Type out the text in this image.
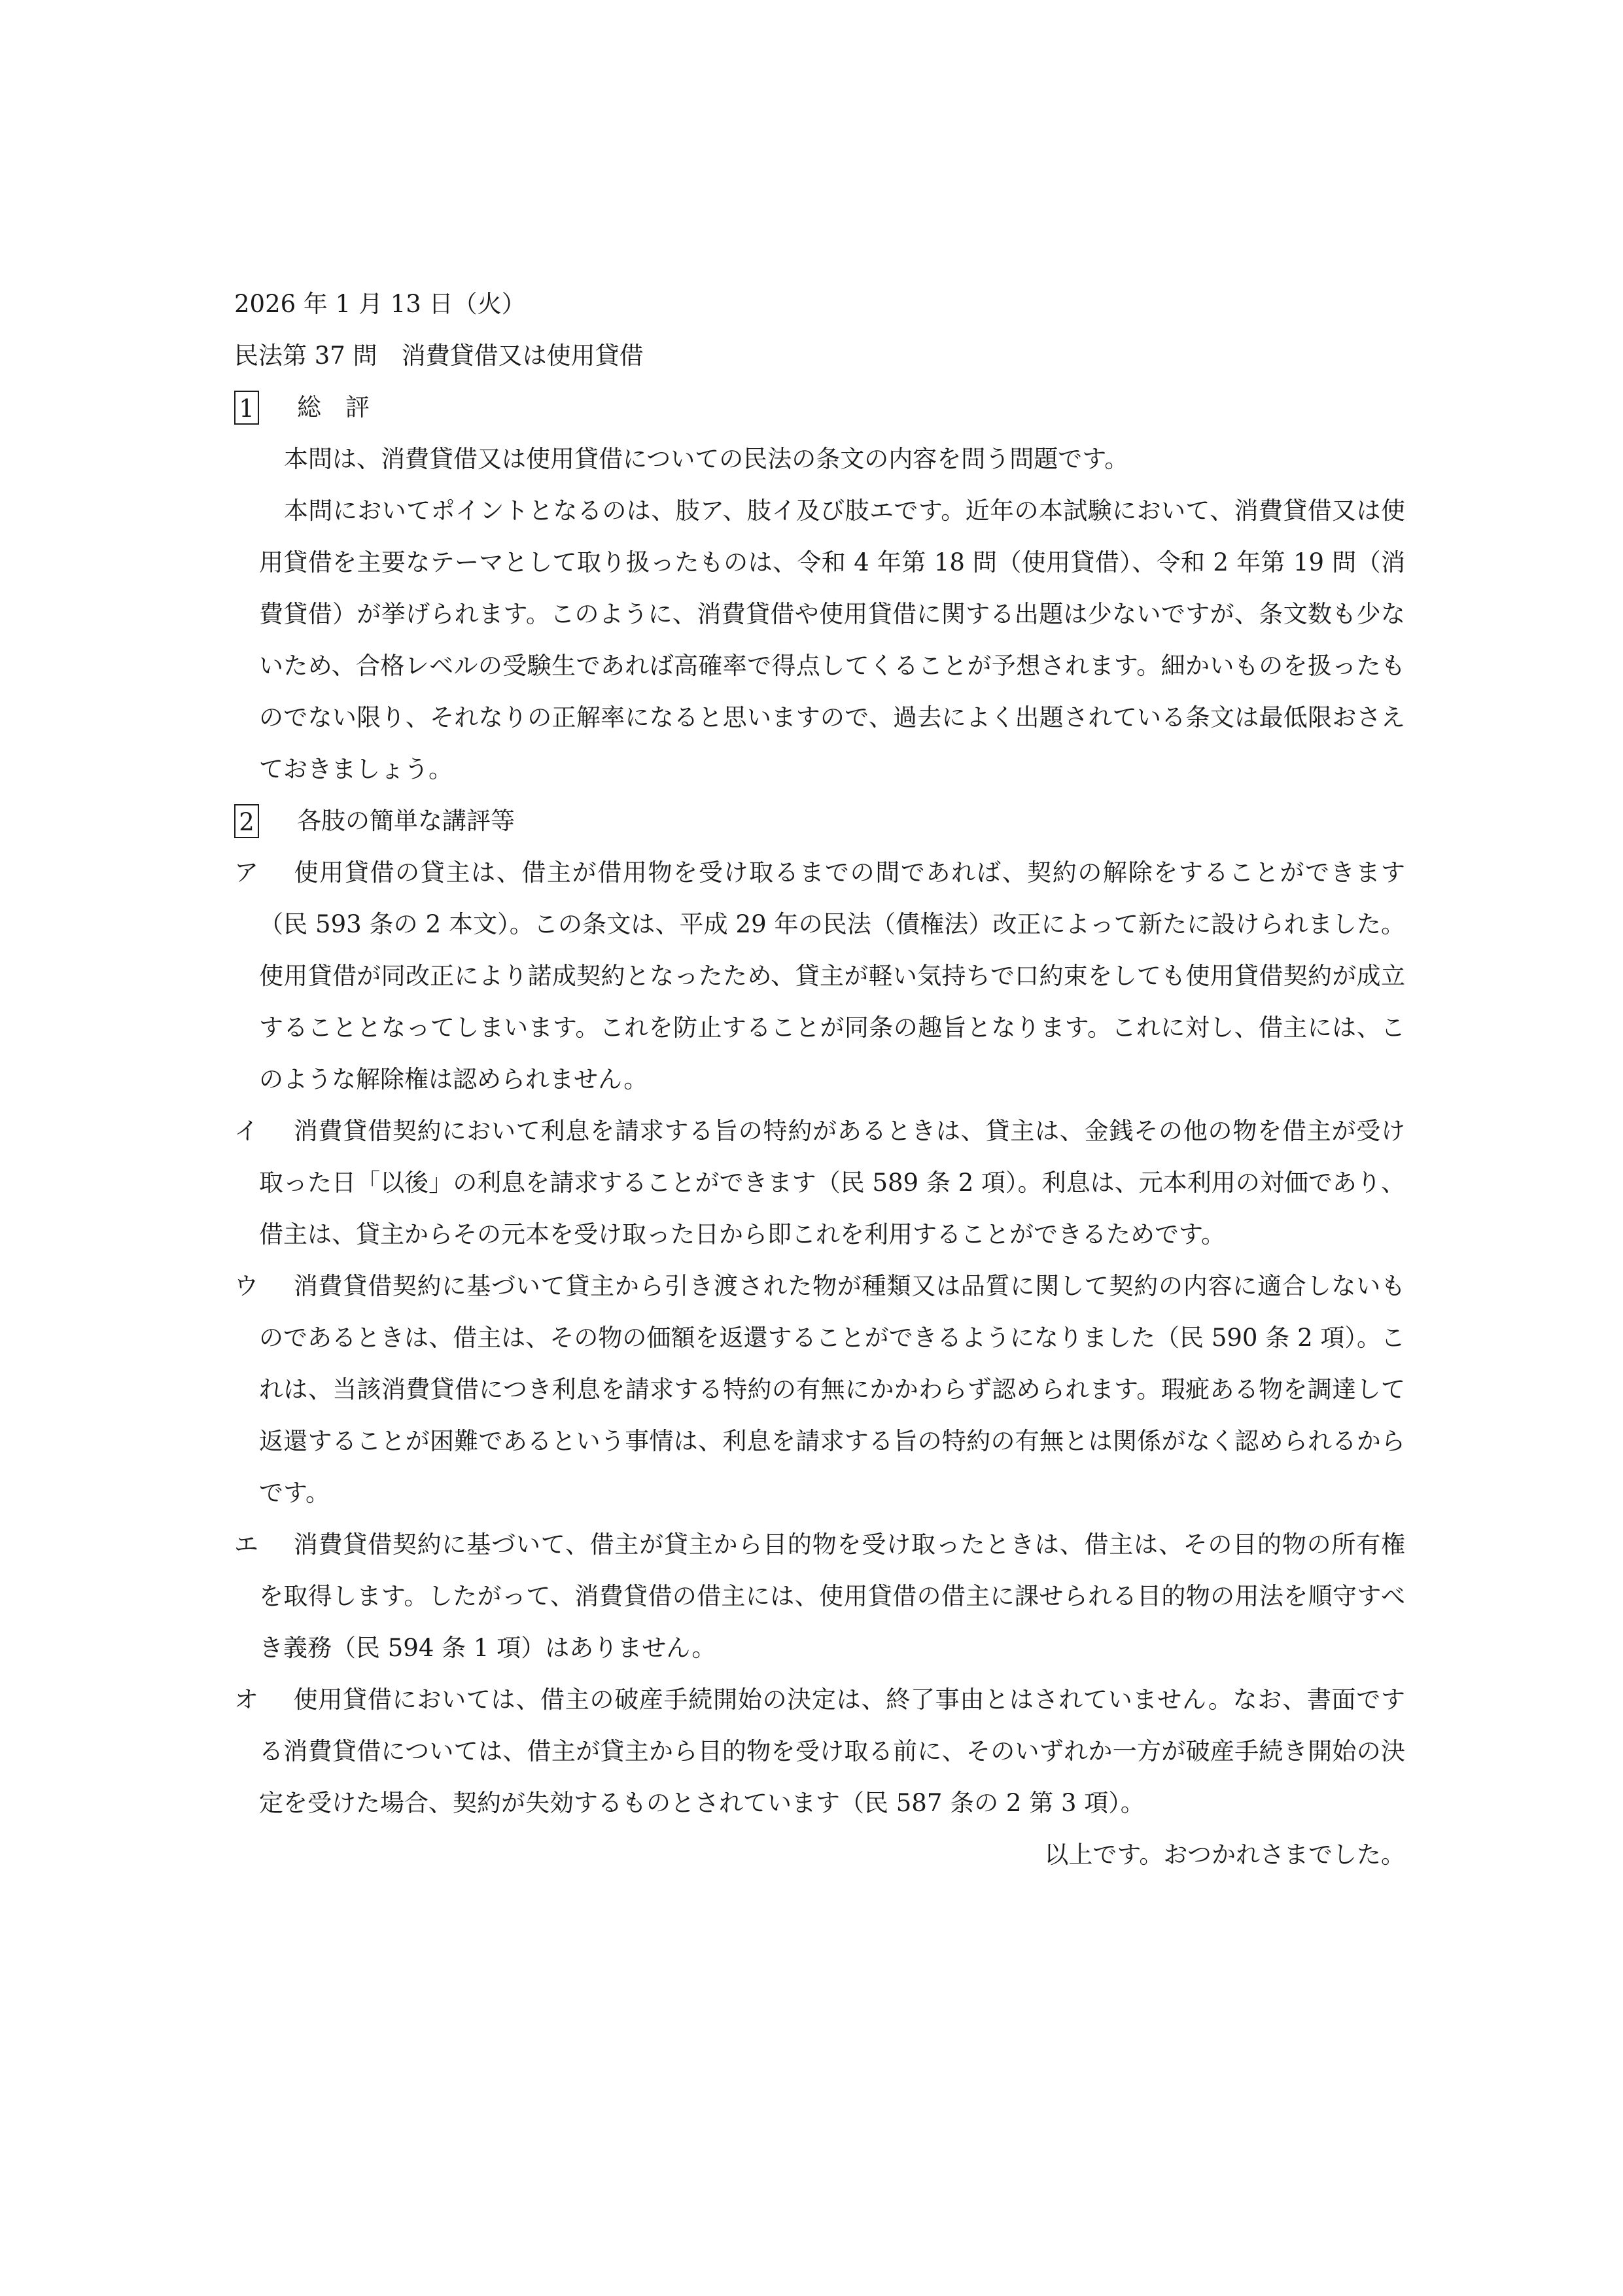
2026 年 1 月 13 日（火）

民法第 37 問　消費貸借又は使用貸借

1 総　評

本問は、消費貸借又は使用貸借についての民法の条文の内容を問う問題です。

本問においてポイントとなるのは、肢ア、肢イ及び肢エです。近年の本試験において、消費貸借又は使用貸借を主要なテーマとして取り扱ったものは、令和 4 年第 18 問（使用貸借）、令和 2 年第 19 問（消費貸借）が挙げられます。このように、消費貸借や使用貸借に関する出題は少ないですが、条文数も少ないため、合格レベルの受験生であれば高確率で得点してくることが予想されます。細かいものを扱ったものでない限り、それなりの正解率になると思いますので、過去によく出題されている条文は最低限おさえておきましょう。

2 各肢の簡単な講評等

ア 使用貸借の貸主は、借主が借用物を受け取るまでの間であれば、契約の解除をすることができます（民 593 条の 2 本文）。この条文は、平成 29 年の民法（債権法）改正によって新たに設けられました。使用貸借が同改正により諾成契約となったため、貸主が軽い気持ちで口約束をしても使用貸借契約が成立することとなってしまいます。これを防止することが同条の趣旨となります。これに対し、借主には、このような解除権は認められません。

イ 消費貸借契約において利息を請求する旨の特約があるときは、貸主は、金銭その他の物を借主が受け取った日「以後」の利息を請求することができます（民 589 条 2 項）。利息は、元本利用の対価であり、借主は、貸主からその元本を受け取った日から即これを利用することができるためです。

ウ 消費貸借契約に基づいて貸主から引き渡された物が種類又は品質に関して契約の内容に適合しないものであるときは、借主は、その物の価額を返還することができるようになりました（民 590 条 2 項）。これは、当該消費貸借につき利息を請求する特約の有無にかかわらず認められます。瑕疵ある物を調達して返還することが困難であるという事情は、利息を請求する旨の特約の有無とは関係がなく認められるからです。

エ 消費貸借契約に基づいて、借主が貸主から目的物を受け取ったときは、借主は、その目的物の所有権を取得します。したがって、消費貸借の借主には、使用貸借の借主に課せられる目的物の用法を順守すべき義務（民 594 条 1 項）はありません。

オ 使用貸借においては、借主の破産手続開始の決定は、終了事由とはされていません。なお、書面でする消費貸借については、借主が貸主から目的物を受け取る前に、そのいずれか一方が破産手続き開始の決定を受けた場合、契約が失効するものとされています（民 587 条の 2 第 3 項）。

以上です。おつかれさまでした。
